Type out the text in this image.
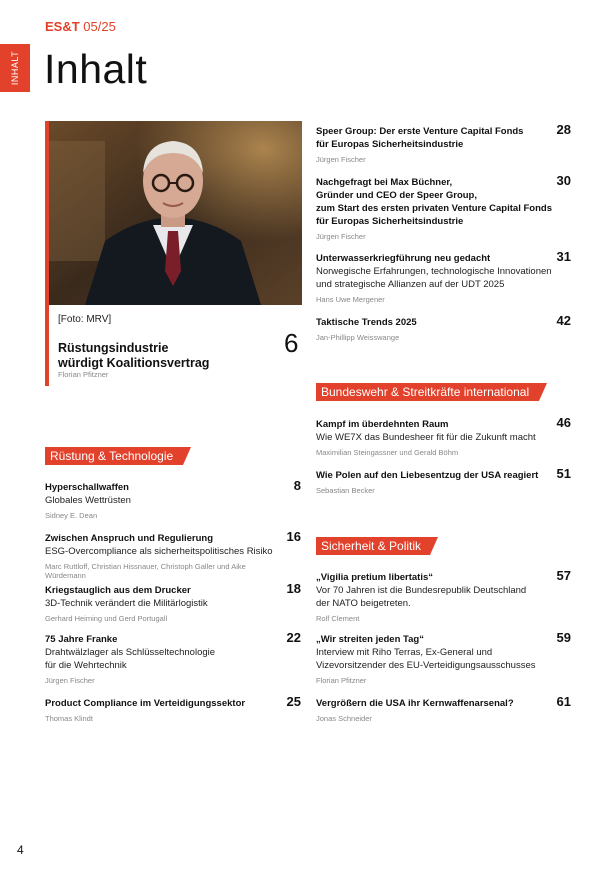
INHALT
ES&T 05/25
Inhalt
[Foto: MRV]
Rüstungsindustrie
würdigt Koalitionsvertrag
6
Florian Pfitzner
Rüstung & Technologie
Hyperschallwaffen
Globales Wettrüsten
Sidney E. Dean
8
Zwischen Anspruch und Regulierung
ESG-Overcompliance als sicherheitspolitisches Risiko
Marc Ruttloff, Christian Hissnauer, Christoph Galler und Aike Würdemann
16
Kriegstauglich aus dem Drucker
3D-Technik verändert die Militärlogistik
Gerhard Heiming und Gerd Portugall
18
75 Jahre Franke
Drahtwälzlager als Schlüsseltechnologie
für die Wehrtechnik
Jürgen Fischer
22
Product Compliance im Verteidigungssektor
Thomas Klindt
25
Speer Group: Der erste Venture Capital Fonds
für Europas Sicherheitsindustrie
Jürgen Fischer
28
Nachgefragt bei Max Büchner,
Gründer und CEO der Speer Group,
zum Start des ersten privaten Venture Capital Fonds
für Europas Sicherheitsindustrie
Jürgen Fischer
30
Unterwasserkriegführung neu gedacht
Norwegische Erfahrungen, technologische Innovationen
und strategische Allianzen auf der UDT 2025
Hans Uwe Mergener
31
Taktische Trends 2025
Jan-Phillipp Weisswange
42
Bundeswehr & Streitkräfte international
Kampf im überdehnten Raum
Wie WE7X das Bundesheer fit für die Zukunft macht
Maximilian Steingassner und Gerald Böhm
46
Wie Polen auf den Liebesentzug der USA reagiert
Sebastian Becker
51
Sicherheit & Politik
„Vigilia pretium libertatis“
Vor 70 Jahren ist die Bundesrepublik Deutschland
der NATO beigetreten.
Rolf Clement
57
„Wir streiten jeden Tag“
Interview mit Riho Terras, Ex-General und
Vizevorsitzender des EU-Verteidigungsausschusses
Florian Pfitzner
59
Vergrößern die USA ihr Kernwaffenarsenal?
Jonas Schneider
61
4
